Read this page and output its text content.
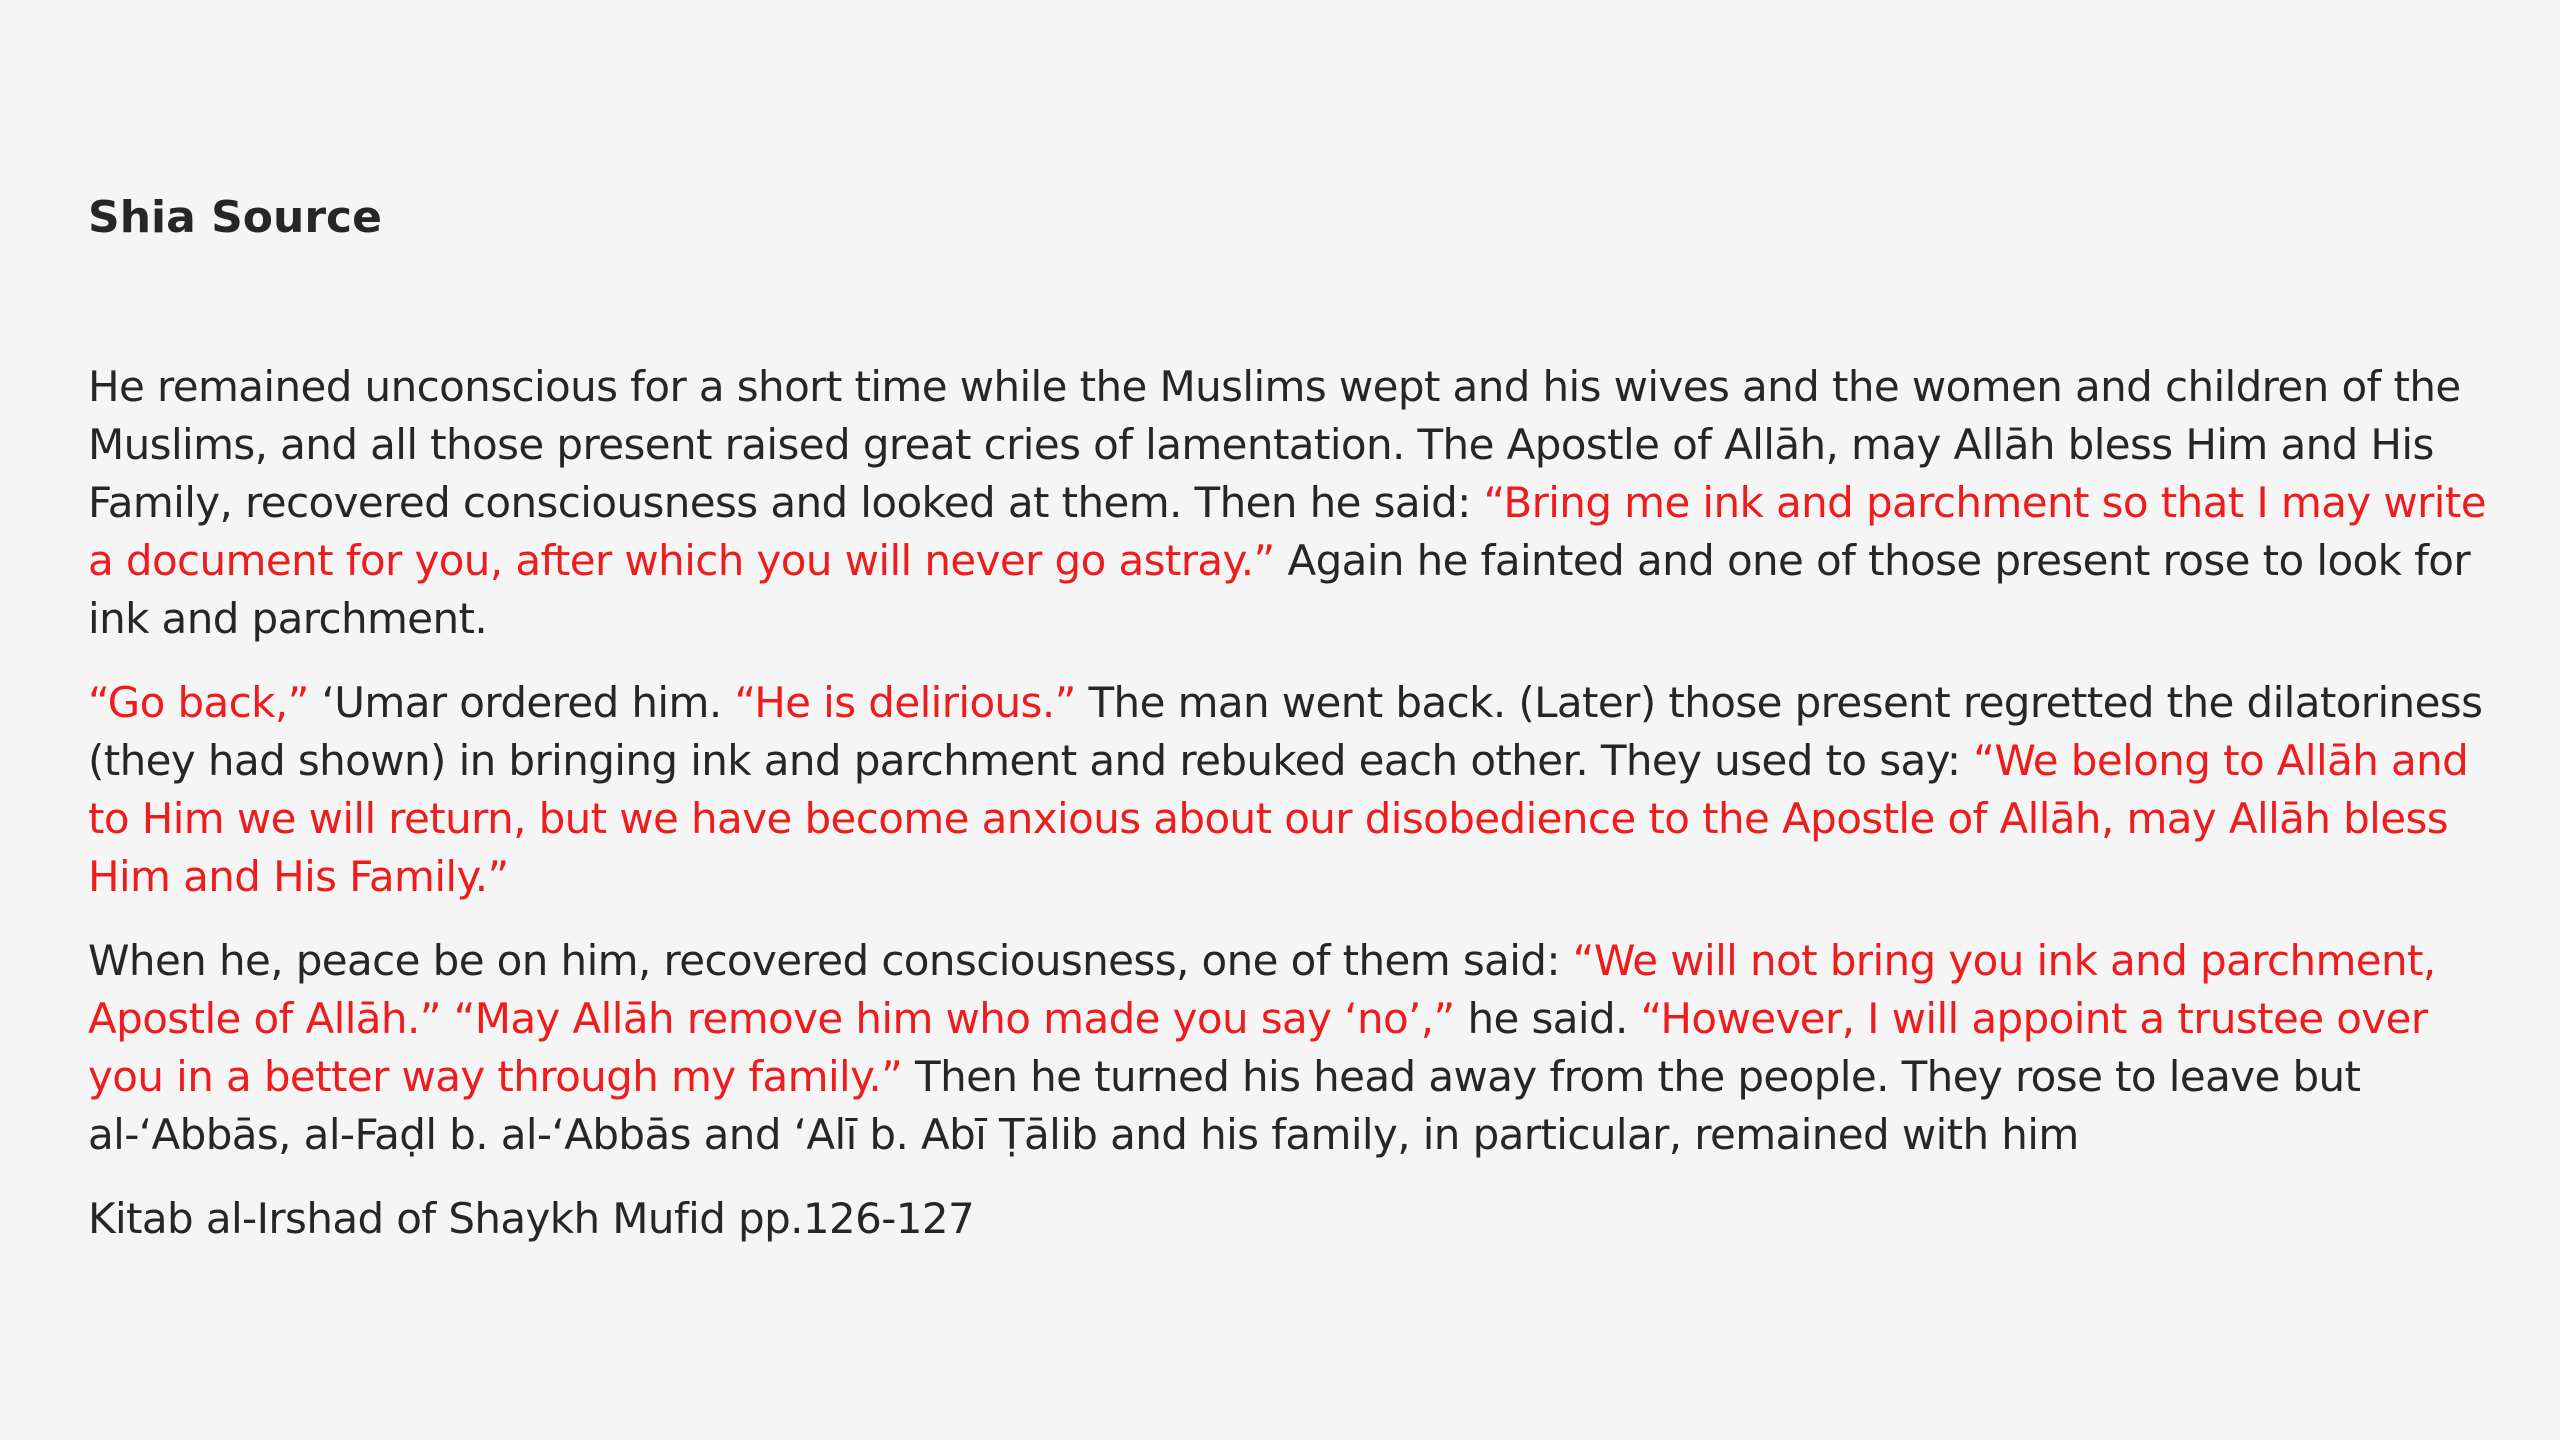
Shia Source

He remained unconscious for a short time while the Muslims wept and his wives and the women and children of the Muslims, and all those present raised great cries of lamentation. The Apostle of Allāh, may Allāh bless Him and His Family, recovered consciousness and looked at them. Then he said: “Bring me ink and parchment so that I may write a document for you, after which you will never go astray.” Again he fainted and one of those present rose to look for ink and parchment.

“Go back,” ‘Umar ordered him. “He is delirious.” The man went back. (Later) those present regretted the dilatoriness (they had shown) in bringing ink and parchment and rebuked each other. They used to say: “We belong to Allāh and to Him we will return, but we have become anxious about our disobedience to the Apostle of Allāh, may Allāh bless Him and His Family.”

When he, peace be on him, recovered consciousness, one of them said: “We will not bring you ink and parchment, Apostle of Allāh.” “May Allāh remove him who made you say ‘no’,” he said. “However, I will appoint a trustee over you in a better way through my family.” Then he turned his head away from the people. They rose to leave but al-‘Abbās, al-Faḍl b. al-‘Abbās and ‘Alī b. Abī Ṭālib and his family, in particular, remained with him

Kitab al-Irshad of Shaykh Mufid pp.126-127
